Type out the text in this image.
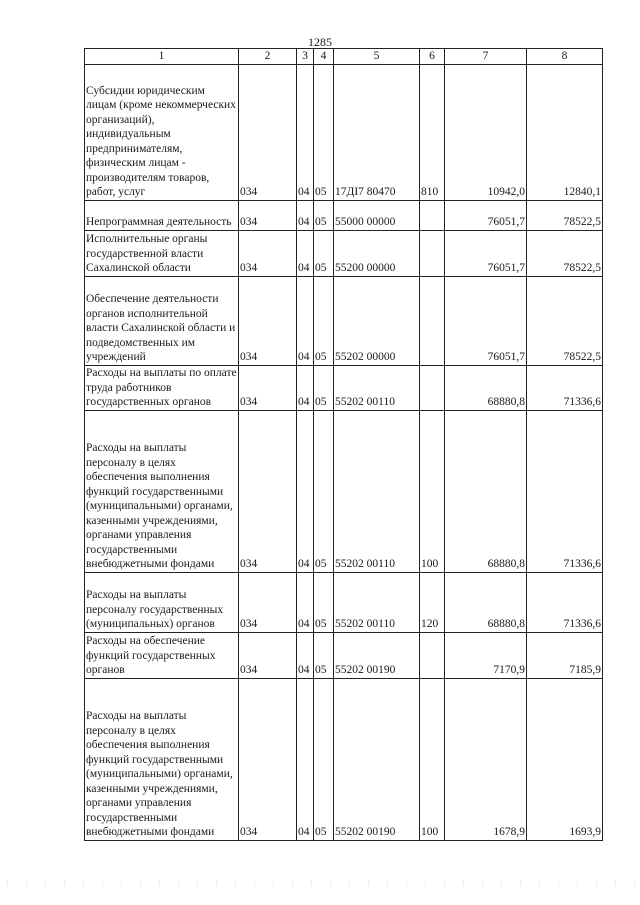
1285
1	2	3	4	5	6	7	8
Субсидии юридическим лицам (кроме некоммерческих организаций), индивидуальным предпринимателям, физическим лицам - производителям товаров, работ, услуг	034	04	05	17ДI7 80470	810	10942,0	12840,1
Непрограммная деятельность	034	04	05	55000 00000		76051,7	78522,5
Исполнительные органы государственной власти Сахалинской области	034	04	05	55200 00000		76051,7	78522,5
Обеспечение деятельности органов исполнительной власти Сахалинской области и подведомственных им учреждений	034	04	05	55202 00000		76051,7	78522,5
Расходы на выплаты по оплате труда работников государственных органов	034	04	05	55202 00110		68880,8	71336,6
Расходы на выплаты персоналу в целях обеспечения выполнения функций государственными (муниципальными) органами, казенными учреждениями, органами управления государственными внебюджетными фондами	034	04	05	55202 00110	100	68880,8	71336,6
Расходы на выплаты персоналу государственных (муниципальных) органов	034	04	05	55202 00110	120	68880,8	71336,6
Расходы на обеспечение функций государственных органов	034	04	05	55202 00190		7170,9	7185,9
Расходы на выплаты персоналу в целях обеспечения выполнения функций государственными (муниципальными) органами, казенными учреждениями, органами управления государственными внебюджетными фондами	034	04	05	55202 00190	100	1678,9	1693,9
